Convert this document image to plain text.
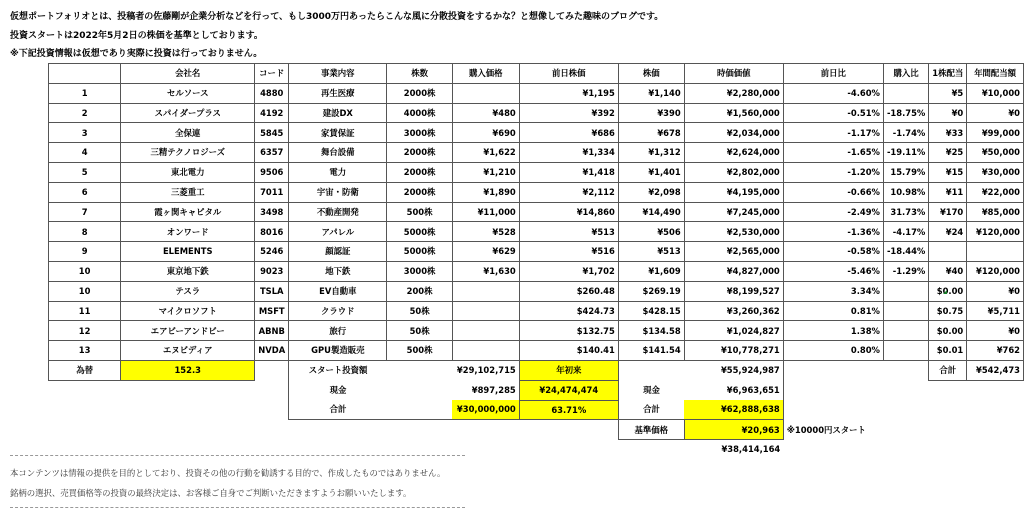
仮想ポートフォリオとは、投稿者の佐藤剛が企業分析などを行って、もし3000万円あったらこんな風に分散投資をするかな？と想像してみた趣味のブログです。
投資スタートは2022年5月2日の株価を基準としております。
※下記投資情報は仮想であり実際に投資は行っておりません。
	会社名	コード	事業内容	株数	購入価格	前日株価	株価	時価価値	前日比	購入比	1株配当	年間配当額
1	セルソース	4880	再生医療	2000株		¥1,195	¥1,140	¥2,280,000	-4.60%		¥5	¥10,000
2	スパイダープラス	4192	建設DX	4000株	¥480	¥392	¥390	¥1,560,000	-0.51%	-18.75%	¥0	¥0
3	全保連	5845	家賃保証	3000株	¥690	¥686	¥678	¥2,034,000	-1.17%	-1.74%	¥33	¥99,000
4	三精テクノロジーズ	6357	舞台設備	2000株	¥1,622	¥1,334	¥1,312	¥2,624,000	-1.65%	-19.11%	¥25	¥50,000
5	東北電力	9506	電力	2000株	¥1,210	¥1,418	¥1,401	¥2,802,000	-1.20%	15.79%	¥15	¥30,000
6	三菱重工	7011	宇宙・防衛	2000株	¥1,890	¥2,112	¥2,098	¥4,195,000	-0.66%	10.98%	¥11	¥22,000
7	霞ヶ関キャピタル	3498	不動産開発	500株	¥11,000	¥14,860	¥14,490	¥7,245,000	-2.49%	31.73%	¥170	¥85,000
8	オンワード	8016	アパレル	5000株	¥528	¥513	¥506	¥2,530,000	-1.36%	-4.17%	¥24	¥120,000
9	ELEMENTS	5246	顔認証	5000株	¥629	¥516	¥513	¥2,565,000	-0.58%	-18.44%		
10	東京地下鉄	9023	地下鉄	3000株	¥1,630	¥1,702	¥1,609	¥4,827,000	-5.46%	-1.29%	¥40	¥120,000
10	テスラ	TSLA	EV自動車	200株		$260.48	$269.19	¥8,199,527	3.34%		$0.00	¥0
11	マイクロソフト	MSFT	クラウド	50株		$424.73	$428.15	¥3,260,362	0.81%		$0.75	¥5,711
12	エアビーアンドビー	ABNB	旅行	50株		$132.75	$134.58	¥1,024,827	1.38%		$0.00	¥0
13	エヌビディア	NVDA	GPU製造販売	500株		$140.41	$141.54	¥10,778,271	0.80%		$0.01	¥762
為替	152.3		スタート投資額	¥29,102,715		年初来		¥55,924,987			合計	¥542,473
			現金	¥897,285		¥24,474,474	現金	¥6,963,651				
			合計		¥30,000,000	63.71%	合計	¥62,888,638				
							基準価格	¥20,963	※10000円スタート			
								¥38,414,164				
本コンテンツは情報の提供を目的としており、投資その他の行動を勧誘する目的で、作成したものではありません。
銘柄の選択、売買価格等の投資の最終決定は、お客様ご自身でご判断いただきますようお願いいたします。
